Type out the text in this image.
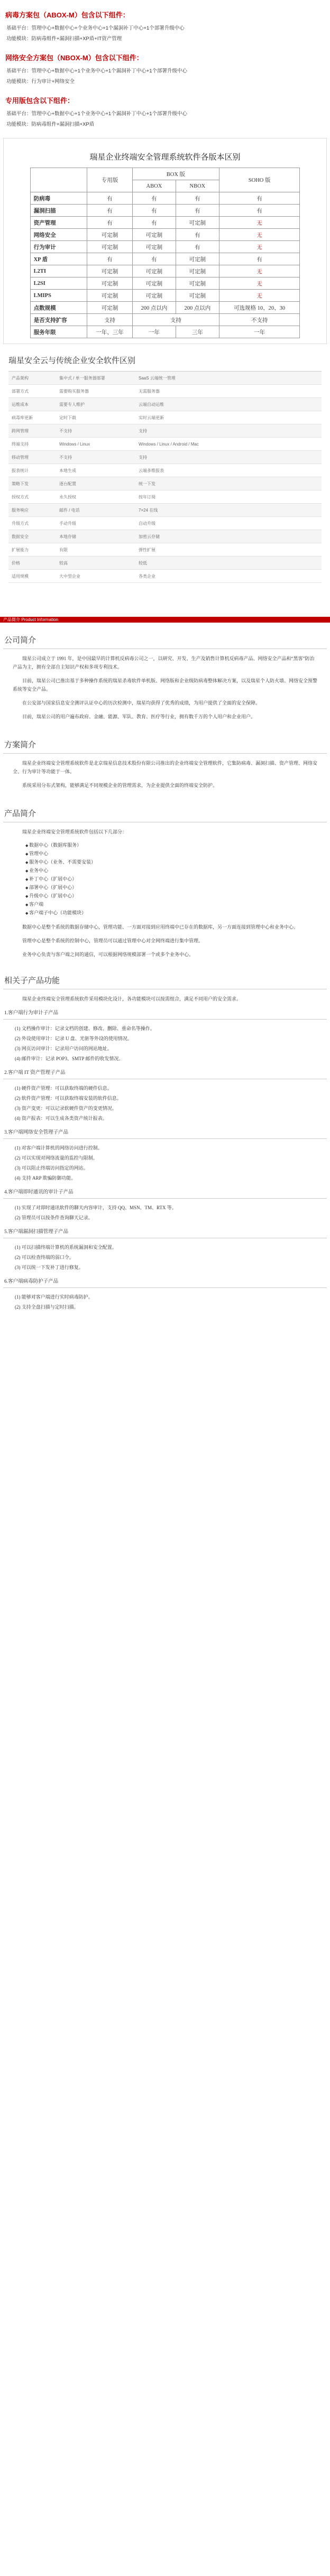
病毒方案包（ABOX-M）包含以下组件：
基础平台：管理中心+数据中心+个业务中心+1个漏洞补丁中心+1个部署升级中心
功能模块：防病毒组件+漏洞扫描+XP盾+IT资产管理
网络安全方案包（NBOX-M）包含以下组件：
基础平台：管理中心+数据中心+1个业务中心+1个漏洞补丁中心+1个部署升级中心
功能模块：行为审计+网络安全
专用版包含以下组件：
基础平台：管理中心+数据中心+1个业务中心+1个漏洞补丁中心+1个部署升级中心
功能模块：防病毒组件+漏洞扫描+XP盾
瑞星企业终端安全管理系统软件各版本区别
	专用版	BOX 版		SOHO 版
		ABOX	NBOX	
防病毒	有	有	有	有
漏洞扫描	有	有	有	有
资产管理	有	有	可定制	无
网络安全	可定制	可定制	有	无
行为审计	可定制	可定制	有	无
XP 盾	有	有	可定制	有
L2TI	可定制	可定制	可定制	无
L2SI	可定制	可定制	可定制	无
LMIPS	可定制	可定制	可定制	无
点数规模	可定制	200 点以内	200 点以内	可选规格 10、20、30
是否支持扩容	支持	支持		不支持
服务年限	一年、三年	一年	三年	一年
瑞星安全云与传统企业安全软件区别
产品架构	集中式 / 单一服务器部署	SaaS 云端统一管理
部署方式	需要购买服务器	无需服务器
运维成本	需要专人维护	云端自动运维
病毒库更新	定时下载	实时云端更新
跨网管理	不支持	支持
终端支持	Windows / Linux	Windows / Linux / Android / Mac
移动管理	不支持	支持
报表统计	本地生成	云端多维报表
策略下发	逐台配置	统一下发
授权方式	永久授权	按年订阅
服务响应	邮件 / 电话	7×24 在线
升级方式	手动升级	自动升级
数据安全	本地存储	加密云存储
扩展能力	有限	弹性扩展
价格	较高	较低
适用规模	大中型企业	各类企业
产品简介 Product Information
公司简介
瑞星公司成立于 1991 年，是中国最早的计算机反病毒公司之一，以研究、开发、生产及销售计算机反病毒产品、网络安全产品和“黑客”防治产品为主，拥有全部自主知识产权和多项专利技术。
目前，瑞星公司已推出基于多种操作系统的瑞星杀毒软件单机版、网络版和企业级防病毒整体解决方案，以及瑞星个人防火墙、网络安全预警系统等安全产品。
在公安部与国家信息安全测评认证中心的历次检测中，瑞星均获得了优秀的成绩，为用户提供了全面的安全保障。
目前，瑞星公司的用户遍布政府、金融、能源、军队、教育、医疗等行业，拥有数千万的个人用户和企业用户。
方案简介
瑞星企业终端安全管理系统软件是北京瑞星信息技术股份有限公司推出的企业终端安全管理软件，它集防病毒、漏洞扫描、资产管理、网络安全、行为审计等功能于一体。
系统采用分布式架构，能够满足不同规模企业的管理需求，为企业提供全面的终端安全防护。
产品简介
瑞星企业终端安全管理系统软件包括以下几部分：
◆ 数据中心（数据库服务）
◆ 管理中心
◆ 服务中心（业务、不需要安装）
◆ 业务中心
◆ 补丁中心（扩展中心）
◆ 部署中心（扩展中心）
◆ 升级中心（扩展中心）
◆ 客户端
◆ 客户端子中心（功能模块）
数据中心是整个系统的数据存储中心，管理功能、一方面对接到应用终端中已存在的数据库，另一方面连接到管理中心和业务中心。
管理中心是整个系统的控制中心，管理员可以通过管理中心对全网终端进行集中管理。
业务中心负责与客户端之间的通信，可以根据网络规模部署一个或多个业务中心。
相关子产品功能
瑞星企业终端安全管理系统软件采用模块化设计，各功能模块可以按需组合，满足不同用户的安全需求。
1.客户端行为审计子产品
(1) 文档操作审计：记录文档的创建、修改、删除、重命名等操作。
(2) 外设使用审计：记录 U 盘、光驱等外设的使用情况。
(3) 网页访问审计：记录用户访问的网站地址。
(4) 邮件审计：记录 POP3、SMTP 邮件的收发情况。
2.客户端 IT 资产管理子产品
(1) 硬件资产管理：可以获取终端的硬件信息。
(2) 软件资产管理：可以获取终端安装的软件信息。
(3) 资产变更：可以记录软硬件资产的变更情况。
(4) 资产报表：可以生成各类资产统计报表。
3.客户端网络安全管理子产品
(1) 对客户端计算机的网络访问进行控制。
(2) 可以实现对网络流量的监控与限制。
(3) 可以阻止终端访问指定的网站。
(4) 支持 ARP 欺骗防御功能。
4.客户端即时通讯的审计子产品
(1) 实现了对即时通讯软件的聊天内容审计，支持 QQ、MSN、TM、RTX 等。
(2) 管理员可以按条件查询聊天记录。
5.客户端漏洞扫描管理子产品
(1) 可以扫描终端计算机的系统漏洞和安全配置。
(2) 可以检查终端的弱口令。
(3) 可以统一下发补丁进行修复。
6.客户端病毒防护子产品
(1) 能够对客户端进行实时病毒防护。
(2) 支持全盘扫描与定时扫描。
